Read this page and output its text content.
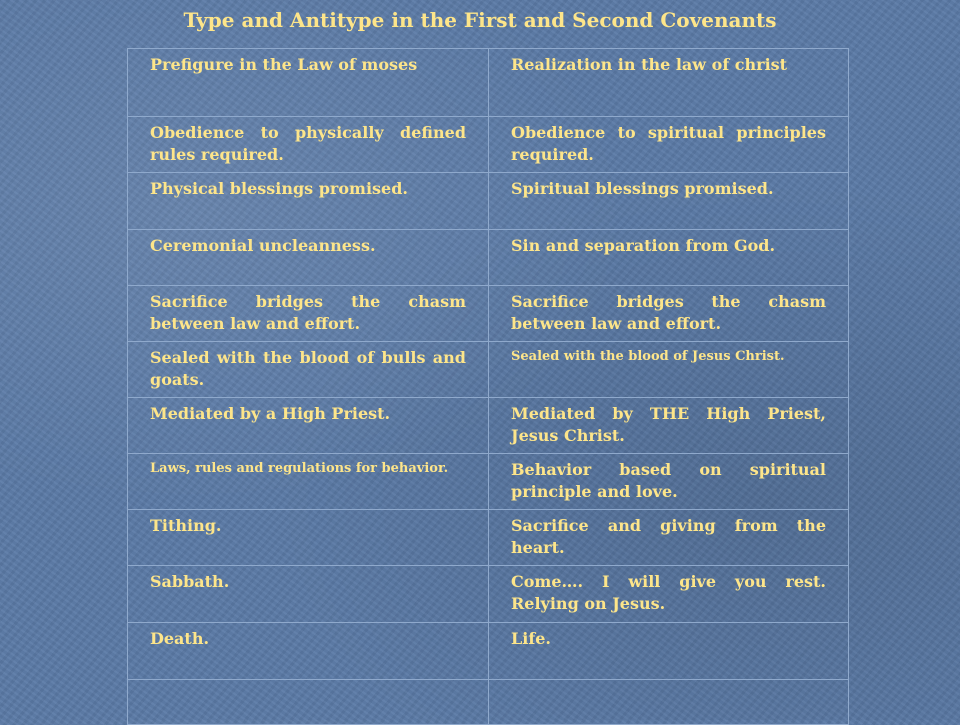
Type and Antitype in the First and Second Covenants
Prefigure in the Law of moses	Realization in the law of christ
Obedience to physically defined rules required.	Obedience to spiritual principles required.
Physical blessings promised.	Spiritual blessings promised.
Ceremonial uncleanness.	Sin and separation from God.
Sacrifice bridges the chasm between law and effort.	Sacrifice bridges the chasm between law and effort.
Sealed with the blood of bulls and goats.	Sealed with the blood of Jesus Christ.
Mediated by a High Priest.	Mediated by THE High Priest, Jesus Christ.
Laws, rules and regulations for behavior.	Behavior based on spiritual principle and love.
Tithing.	Sacrifice and giving from the heart.
Sabbath.	Come…. I will give you rest. Relying on Jesus.
Death.	Life.
